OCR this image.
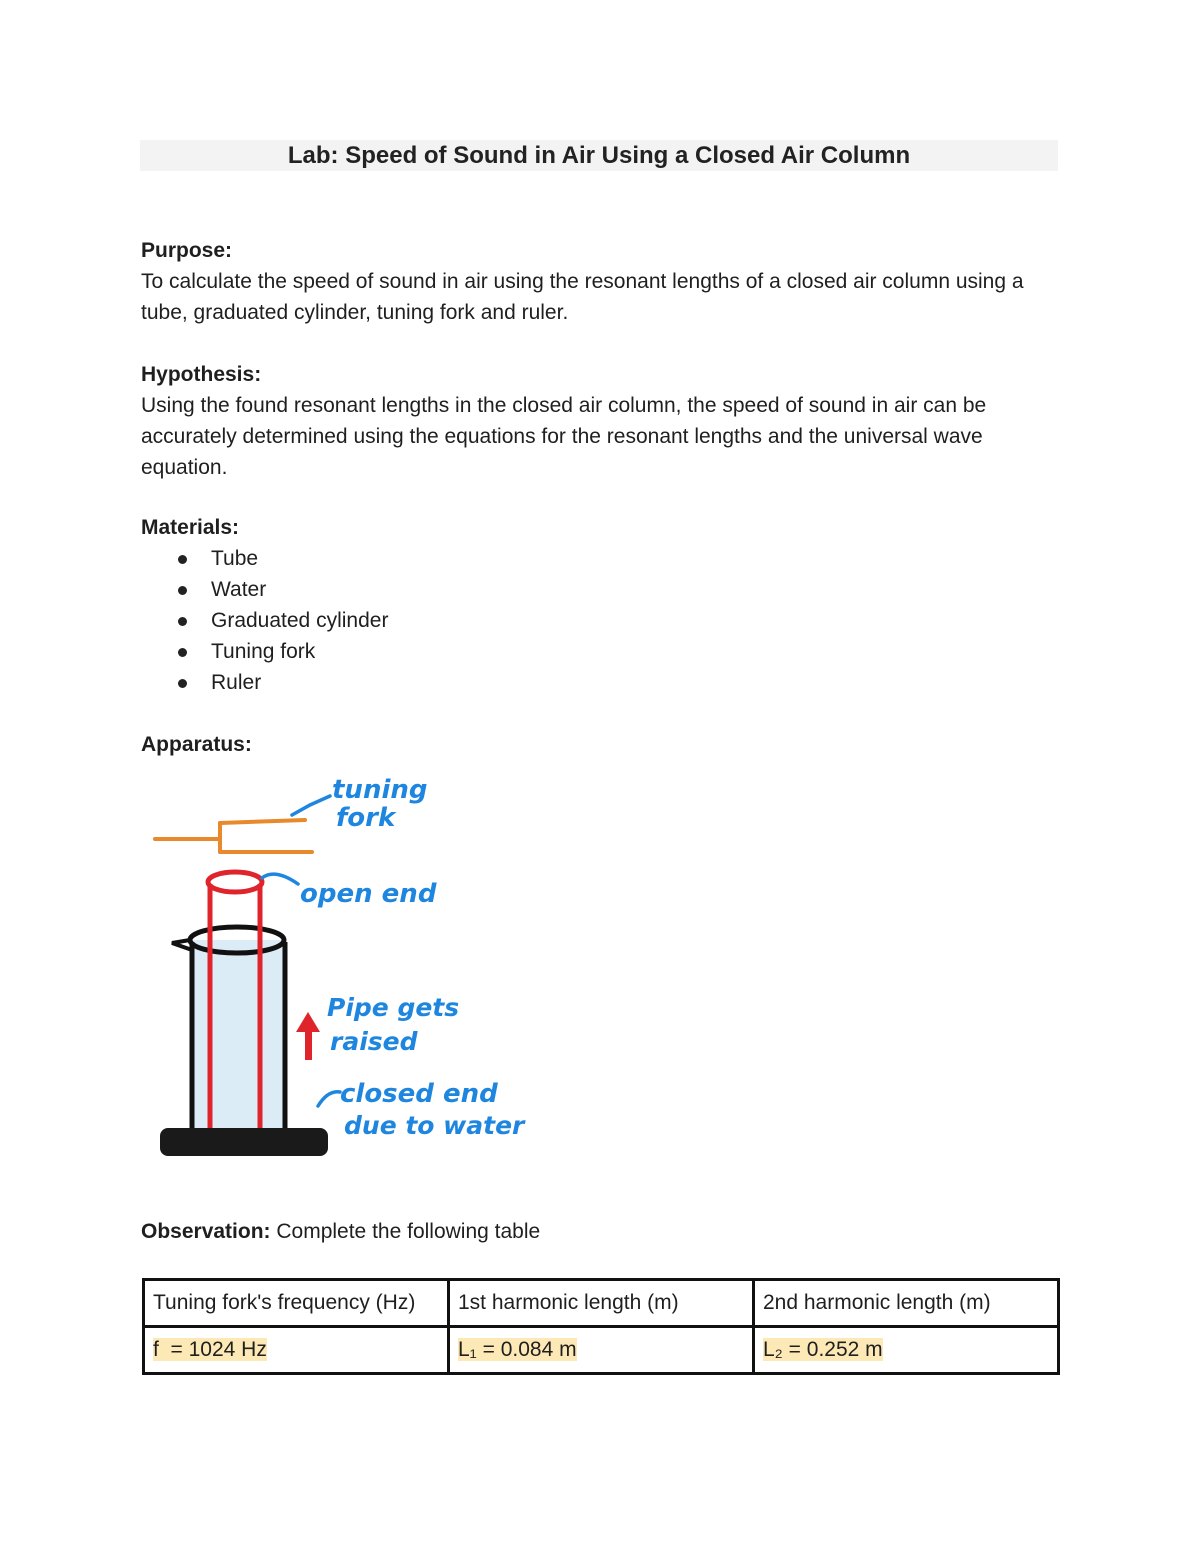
Lab: Speed of Sound in Air Using a Closed Air Column
Purpose:
To calculate the speed of sound in air using the resonant lengths of a closed air column using a tube, graduated cylinder, tuning fork and ruler.
Hypothesis:
Using the found resonant lengths in the closed air column, the speed of sound in air can be accurately determined using the equations for the resonant lengths and the universal wave equation.
Materials:
Tube
Water
Graduated cylinder
Tuning fork
Ruler
Apparatus:
tuning
fork
open end
Pipe gets
raised
closed end
due to water
Observation: Complete the following table
Tuning fork's frequency (Hz)	1st harmonic length (m)	2nd harmonic length (m)
f  = 1024 Hz	L₁ = 0.084 m	L₂ = 0.252 m
